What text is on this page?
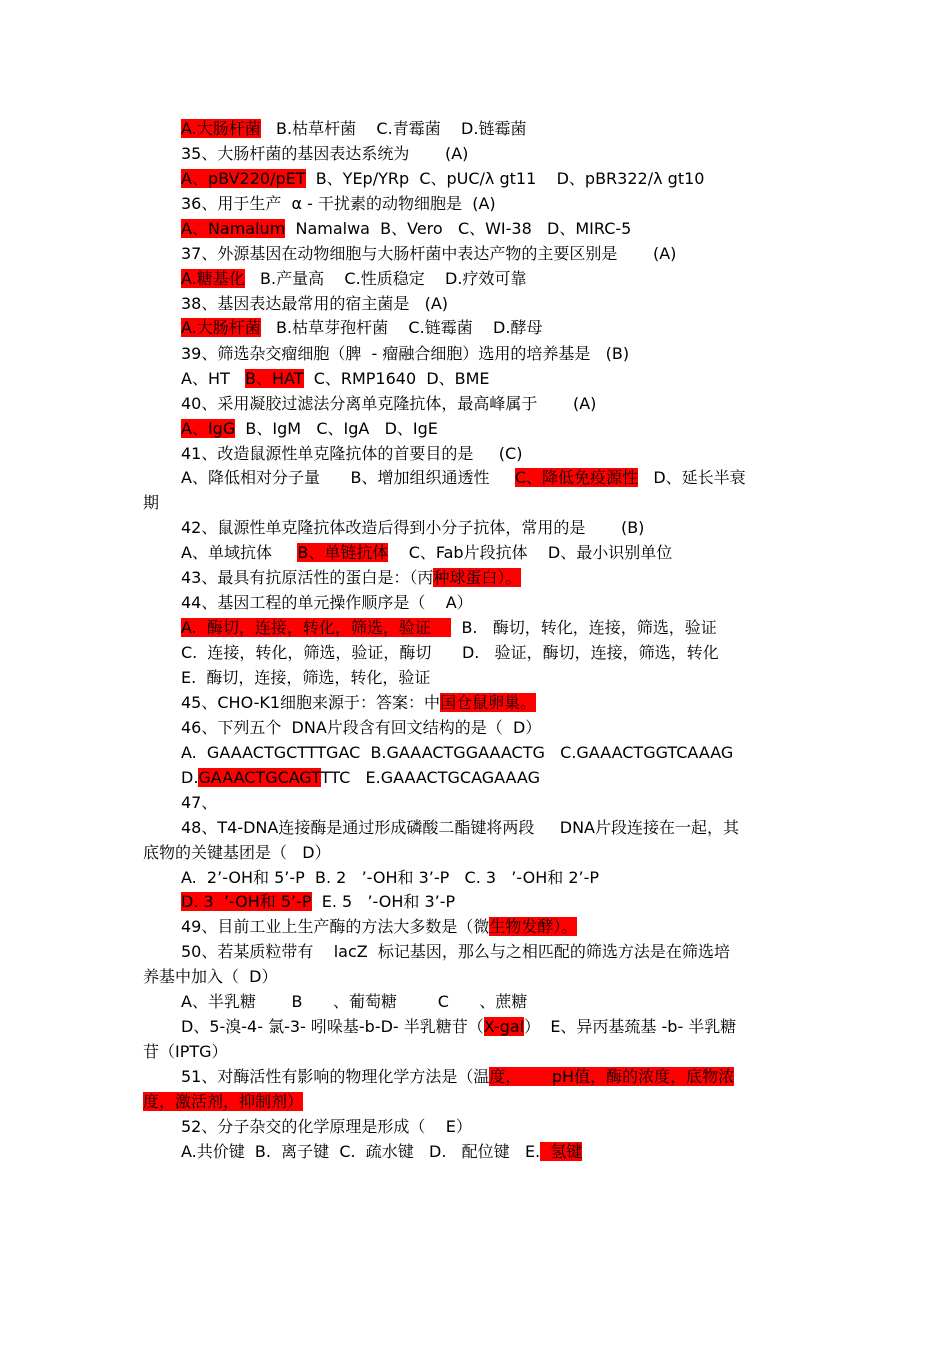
A.大肠杆菌   B.枯草杆菌    C.青霉菌    D.链霉菌
35、大肠杆菌的基因表达系统为       (A)
A、pBV220/pET  B、YEp/YRp  C、pUC/λ gt11    D、pBR322/λ gt10
36、用于生产  α - 干扰素的动物细胞是  (A)
A、Namalum  Namalwa  B、Vero   C、WI-38   D、MIRC-5
37、外源基因在动物细胞与大肠杆菌中表达产物的主要区别是       (A)
A.糖基化   B.产量高    C.性质稳定    D.疗效可靠
38、基因表达最常用的宿主菌是   (A)
A.大肠杆菌   B.枯草芽孢杆菌    C.链霉菌    D.酵母
39、筛选杂交瘤细胞（脾  - 瘤融合细胞）选用的培养基是   (B)
A、HT   B、HAT  C、RMP1640  D、BME
40、采用凝胶过滤法分离单克隆抗体，最高峰属于       (A)
A、IgG  B、IgM   C、IgA   D、IgE
41、改造鼠源性单克隆抗体的首要目的是     (C)
A、降低相对分子量      B、增加组织通透性     C、降低免疫源性   D、延长半衰
期
42、鼠源性单克隆抗体改造后得到小分子抗体，常用的是       (B)
A、单域抗体     B、单链抗体    C、Fab片段抗体    D、最小识别单位
43、最具有抗原活性的蛋白是：（丙种球蛋白）。
44、基因工程的单元操作顺序是（    A）
A.  酶切，连接，转化，筛选，验证      B.   酶切，转化，连接，筛选，验证
C.  连接，转化，筛选，验证，酶切      D.   验证，酶切，连接，筛选，转化
E.  酶切，连接，筛选，转化，验证
45、CHO-K1细胞来源于：答案：中国仓鼠卵巢。
46、下列五个  DNA片段含有回文结构的是（  D）
A.  GAAACTGCTTTGAC  B.GAAACTGGAAACTG   C.GAAACTGGTCAAAG
D.GAAACTGCAGTTTC   E.GAAACTGCAGAAAG
47、
48、T4-DNA连接酶是通过形成磷酸二酯键将两段     DNA片段连接在一起，其
底物的关键基团是（   D）
A.  2’-OH和 5’-P  B. 2   ’-OH和 3’-P   C. 3   ’-OH和 2’-P
D. 3  ’-OH和 5’-P  E. 5   ’-OH和 3’-P
49、目前工业上生产酶的方法大多数是（微生物发酵）。
50、若某质粒带有    lacZ  标记基因，那么与之相匹配的筛选方法是在筛选培
养基中加入（  D）
A、半乳糖       B      、葡萄糖        C      、蔗糖
D、5-溴-4- 氯-3- 吲哚基-b-D- 半乳糖苷（X-gal）  E、异丙基巯基 -b- 半乳糖
苷（IPTG）
51、对酶活性有影响的物理化学方法是（温度，      pH值，酶的浓度，底物浓
度，激活剂，抑制剂）
52、分子杂交的化学原理是形成（    E）
A.共价键  B.  离子键  C.  疏水键   D.   配位键   E.  氢键
